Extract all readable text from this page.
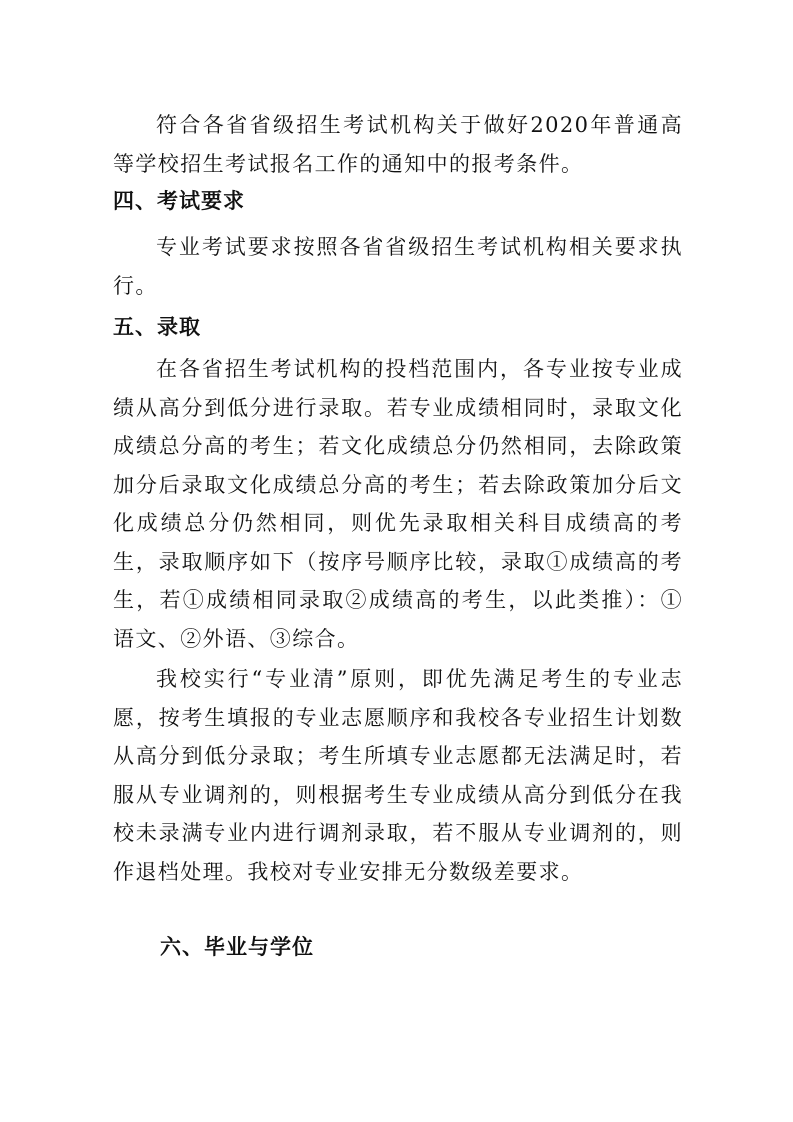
符合各省省级招生考试机构关于做好2020年普通高等学校招生考试报名工作的通知中的报考条件。

四、考试要求

专业考试要求按照各省省级招生考试机构相关要求执行。

五、录取

在各省招生考试机构的投档范围内，各专业按专业成绩从高分到低分进行录取。若专业成绩相同时，录取文化成绩总分高的考生；若文化成绩总分仍然相同，去除政策加分后录取文化成绩总分高的考生；若去除政策加分后文化成绩总分仍然相同，则优先录取相关科目成绩高的考生，录取顺序如下（按序号顺序比较，录取①成绩高的考生，若①成绩相同录取②成绩高的考生，以此类推）：①语文、②外语、③综合。

我校实行“专业清”原则，即优先满足考生的专业志愿，按考生填报的专业志愿顺序和我校各专业招生计划数从高分到低分录取；考生所填专业志愿都无法满足时，若服从专业调剂的，则根据考生专业成绩从高分到低分在我校未录满专业内进行调剂录取，若不服从专业调剂的，则作退档处理。我校对专业安排无分数级差要求。

六、毕业与学位
